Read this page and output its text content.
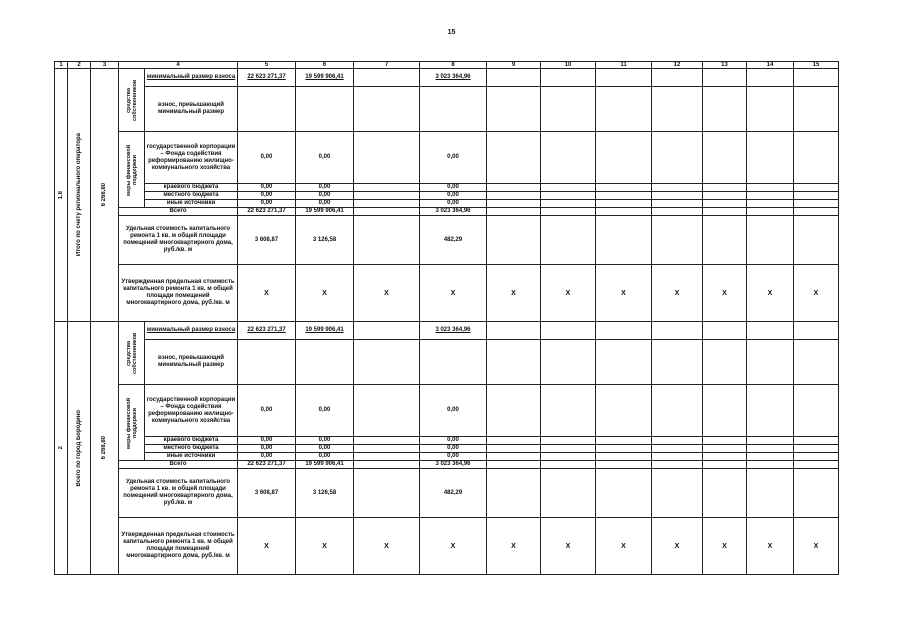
15
1	2	3	4		5	6	7	8	9	10	11	12	13	14	15

1.8	Итого по счету регионального оператора	6 268,80	средства собственников	минимальный размер взноса	22 623 271,37	19 599 906,41		3 023 364,96							
				взнос, превышающий минимальный размер											

			меры финансовой поддержки	государственной корпорации – Фонда содействия реформированию жилищно-коммунального хозяйства	0,00	0,00		0,00							
				краевого бюджета	0,00	0,00		0,00							
				местного бюджета	0,00	0,00		0,00							
				иные источники	0,00	0,00		0,00							
			Всего		22 623 271,37	19 599 906,41		3 023 364,96							
			Удельная стоимость капитального ремонта 1 кв. м общей площади помещений многоквартирного дома, руб./кв. м		3 608,87	3 126,58		482,29							
			Утвержденная предельная стоимость капитального ремонта 1 кв. м общей площади помещений многоквартирного дома, руб./кв. м		X	X	X	X	X	X	X	X	X	X	X

2	Всего по город Бородино	6 268,80	средства собственников	минимальный размер взноса	22 623 271,37	19 599 906,41		3 023 364,96							
				взнос, превышающий минимальный размер											

			меры финансовой поддержки	государственной корпорации – Фонда содействия реформированию жилищно-коммунального хозяйства	0,00	0,00		0,00							
				краевого бюджета	0,00	0,00		0,00							
				местного бюджета	0,00	0,00		0,00							
				иные источники	0,00	0,00		0,00							
			Всего		22 623 271,37	19 599 906,41		3 023 364,96							
			Удельная стоимость капитального ремонта 1 кв. м общей площади помещений многоквартирного дома, руб./кв. м		3 608,87	3 126,58		482,29							
			Утвержденная предельная стоимость капитального ремонта 1 кв. м общей площади помещений многоквартирного дома, руб./кв. м		X	X	X	X	X	X	X	X	X	X	X
